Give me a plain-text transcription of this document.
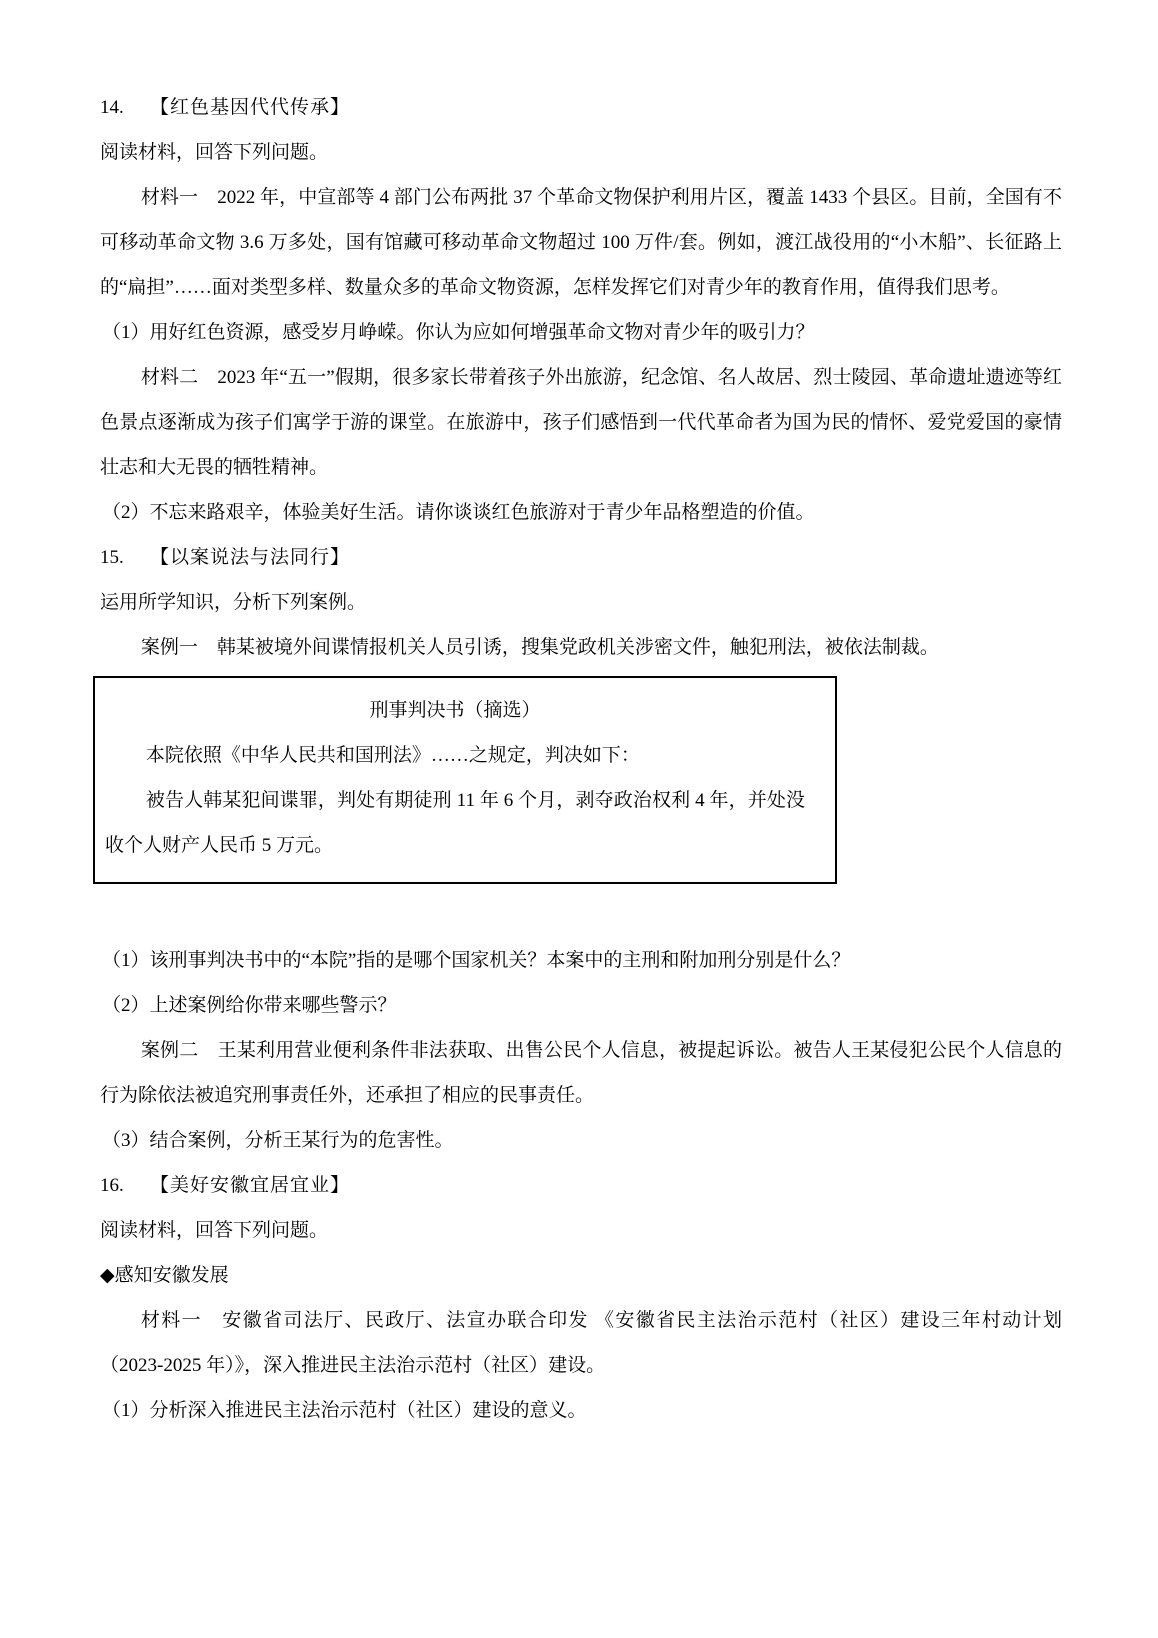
14. 【红色基因代代传承】
阅读材料，回答下列问题。
材料一　2022 年，中宣部等 4 部门公布两批 37 个革命文物保护利用片区，覆盖 1433 个县区。目前，全国有不可移动革命文物 3.6 万多处，国有馆藏可移动革命文物超过 100 万件/套。例如，渡江战役用的“小木船”、长征路上的“扁担”……面对类型多样、数量众多的革命文物资源，怎样发挥它们对青少年的教育作用，值得我们思考。
（1）用好红色资源，感受岁月峥嵘。你认为应如何增强革命文物对青少年的吸引力？
材料二　2023 年“五一”假期，很多家长带着孩子外出旅游，纪念馆、名人故居、烈士陵园、革命遗址遗迹等红色景点逐渐成为孩子们寓学于游的课堂。在旅游中，孩子们感悟到一代代革命者为国为民的情怀、爱党爱国的豪情壮志和大无畏的牺牲精神。
（2）不忘来路艰辛，体验美好生活。请你谈谈红色旅游对于青少年品格塑造的价值。
15. 【以案说法与法同行】
运用所学知识，分析下列案例。
案例一　韩某被境外间谍情报机关人员引诱，搜集党政机关涉密文件，触犯刑法，被依法制裁。
刑事判决书（摘选）
本院依照《中华人民共和国刑法》……之规定，判决如下：
被告人韩某犯间谍罪，判处有期徒刑 11 年 6 个月，剥夺政治权利 4 年，并处没收个人财产人民币 5 万元。
（1）该刑事判决书中的“本院”指的是哪个国家机关？本案中的主刑和附加刑分别是什么？
（2）上述案例给你带来哪些警示？
案例二　王某利用营业便利条件非法获取、出售公民个人信息，被提起诉讼。被告人王某侵犯公民个人信息的行为除依法被追究刑事责任外，还承担了相应的民事责任。
（3）结合案例，分析王某行为的危害性。
16. 【美好安徽宜居宜业】
阅读材料，回答下列问题。
◆感知安徽发展
材料一　安徽省司法厅、民政厅、法宣办联合印发 《安徽省民主法治示范村（社区）建设三年村动计划（2023-2025 年）》，深入推进民主法治示范村（社区）建设。
（1）分析深入推进民主法治示范村（社区）建设的意义。
